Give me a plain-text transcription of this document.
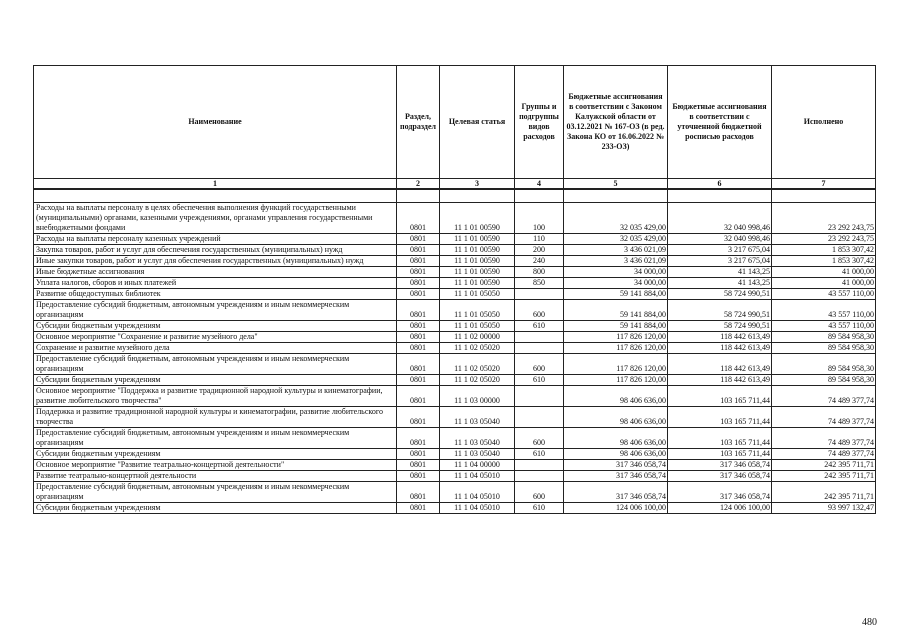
Наименование	Раздел, подраздел	Целевая статья	Группы и подгруппы видов расходов	Бюджетные ассигнования в соответствии с Законом Калужской области от 03.12.2021 № 167-ОЗ (в ред. Закона КО от 16.06.2022 № 233-ОЗ)	Бюджетные ассигнования в соответствии с уточненной бюджетной росписью расходов	Исполнено
1	2	3	4	5	6	7

Расходы на выплаты персоналу в целях обеспечения выполнения функций государственными (муниципальными) органами, казенными учреждениями, органами управления государственными внебюджетными фондами	0801	11 1 01 00590	100	32 035 429,00	32 040 998,46	23 292 243,75
Расходы на выплаты персоналу казенных учреждений	0801	11 1 01 00590	110	32 035 429,00	32 040 998,46	23 292 243,75
Закупка товаров, работ и услуг для обеспечения государственных (муниципальных) нужд	0801	11 1 01 00590	200	3 436 021,09	3 217 675,04	1 853 307,42
Иные закупки товаров, работ и услуг для обеспечения государственных (муниципальных) нужд	0801	11 1 01 00590	240	3 436 021,09	3 217 675,04	1 853 307,42
Иные бюджетные ассигнования	0801	11 1 01 00590	800	34 000,00	41 143,25	41 000,00
Уплата налогов, сборов и иных платежей	0801	11 1 01 00590	850	34 000,00	41 143,25	41 000,00
Развитие общедоступных библиотек	0801	11 1 01 05050		59 141 884,00	58 724 990,51	43 557 110,00
Предоставление субсидий бюджетным, автономным учреждениям и иным некоммерческим организациям	0801	11 1 01 05050	600	59 141 884,00	58 724 990,51	43 557 110,00
Субсидии бюджетным учреждениям	0801	11 1 01 05050	610	59 141 884,00	58 724 990,51	43 557 110,00
Основное мероприятие "Сохранение и развитие музейного дела"	0801	11 1 02 00000		117 826 120,00	118 442 613,49	89 584 958,30
Сохранение и развитие музейного дела	0801	11 1 02 05020		117 826 120,00	118 442 613,49	89 584 958,30
Предоставление субсидий бюджетным, автономным учреждениям и иным некоммерческим организациям	0801	11 1 02 05020	600	117 826 120,00	118 442 613,49	89 584 958,30
Субсидии бюджетным учреждениям	0801	11 1 02 05020	610	117 826 120,00	118 442 613,49	89 584 958,30
Основное мероприятие "Поддержка и развитие традиционной народной культуры и кинематографии, развитие любительского творчества"	0801	11 1 03 00000		98 406 636,00	103 165 711,44	74 489 377,74
Поддержка и развитие традиционной народной культуры и кинематографии, развитие любительского творчества	0801	11 1 03 05040		98 406 636,00	103 165 711,44	74 489 377,74
Предоставление субсидий бюджетным, автономным учреждениям и иным некоммерческим организациям	0801	11 1 03 05040	600	98 406 636,00	103 165 711,44	74 489 377,74
Субсидии бюджетным учреждениям	0801	11 1 03 05040	610	98 406 636,00	103 165 711,44	74 489 377,74
Основное мероприятие "Развитие театрально-концертной деятельности"	0801	11 1 04 00000		317 346 058,74	317 346 058,74	242 395 711,71
Развитие театрально-концертной деятельности	0801	11 1 04 05010		317 346 058,74	317 346 058,74	242 395 711,71
Предоставление субсидий бюджетным, автономным учреждениям и иным некоммерческим организациям	0801	11 1 04 05010	600	317 346 058,74	317 346 058,74	242 395 711,71
Субсидии бюджетным учреждениям	0801	11 1 04 05010	610	124 006 100,00	124 006 100,00	93 997 132,47
480
